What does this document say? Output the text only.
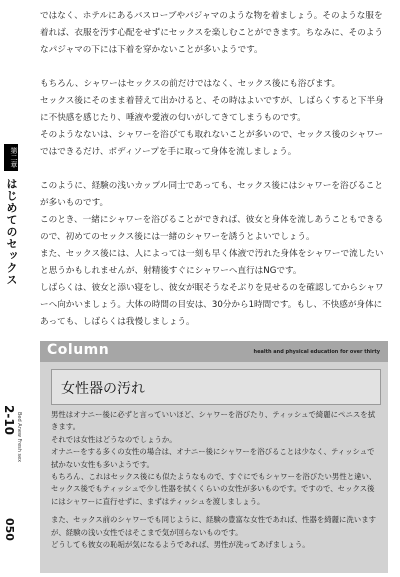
ではなく、ホテルにあるバスローブやパジャマのような物を着ましょう。そのような服を着れば、衣服を汚す心配をせずにセックスを楽しむことができます。ちなみに、そのようなパジャマの下には下着を穿かないことが多いようです。

もちろん、シャワーはセックスの前だけではなく、セックス後にも浴びます。

セックス後にそのまま着替えて出かけると、その時はよいですが、しばらくすると下半身に不快感を感じたり、唾液や愛液の匂いがしてきてしまうものです。

そのようなないは、シャワーを浴びても取れないことが多いので、セックス後のシャワーではできるだけ、ボディソープを手に取って身体を流しましょう。

このように、経験の浅いカップル同士であっても、セックス後にはシャワーを浴びることが多いものです。

このとき、一緒にシャワーを浴びることができれば、彼女と身体を流しあうこともできるので、初めてのセックス後には一緒のシャワーを誘うとよいでしょう。

また、セックス後には、人によっては一刻も早く体液で汚れた身体をシャワーで流したいと思うかもしれませんが、射精後すぐにシャワーへ直行はNGです。

しばらくは、彼女と添い寝をし、彼女が眠そうなそぶりを見せるのを確認してからシャワーへ向かいましょう。大体の時間の目安は、30分から1時間です。もし、不快感が身体にあっても、しばらくは我慢しましょう。

第二章
はじめてのセックス
2-10 Bed Anew Fresh sex
050
Column	health and physical education for over thirty
女性器の汚れ

男性はオナニー後に必ずと言っていいほど、シャワーを浴びたり、ティッシュで綺麗にペニスを拭きます。

それでは女性はどうなのでしょうか。

オナニーをする多くの女性の場合は、オナニー後にシャワーを浴びることは少なく、ティッシュで拭かない女性も多いようです。

もちろん、これはセックス後にも似たようなもので、すぐにでもシャワーを浴びたい男性と違い、セックス後でもティッシュで少し性器を拭くくらいの女性が多いものです。ですので、セックス後にはシャワーに直行せずに、まずはティッシュを渡しましょう。

また、セックス前のシャワーでも同じように、経験の豊富な女性であれば、性器を綺麗に洗いますが、経験の浅い女性ではそこまで気が回らないものです。

どうしても彼女の恥垢が気になるようであれば、男性が洗ってあげましょう。
